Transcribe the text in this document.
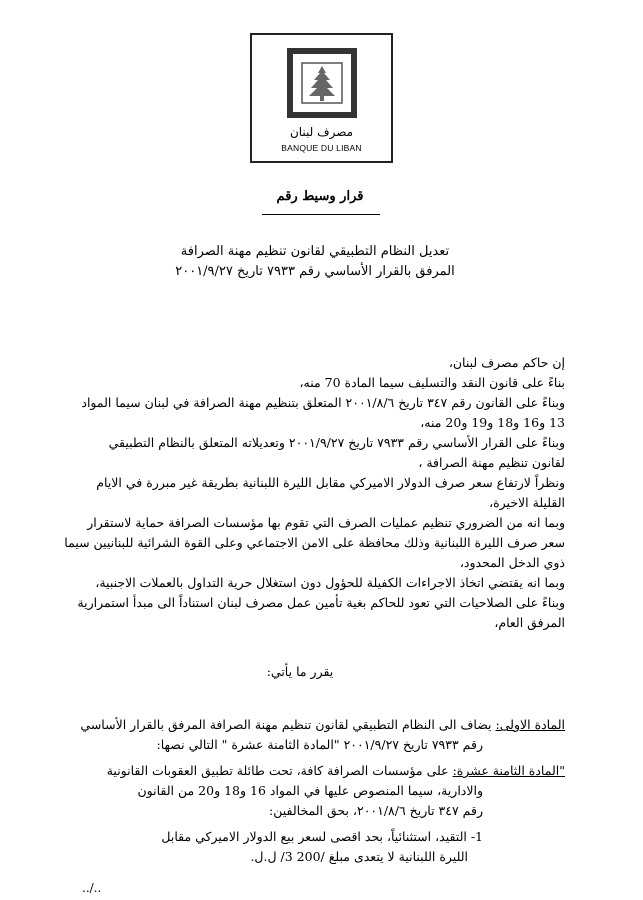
مصرف لبنان
BANQUE DU LIBAN
قرار وسيط رقم
تعديل النظام التطبيقي لقانون تنظيم مهنة الصرافة
المرفق بالقرار الأساسي رقم ٧٩٣٣ تاريخ ٢٠٠١/٩/٢٧
إن حاكم مصرف لبنان،
بناءً على قانون النقد والتسليف سيما المادة 70 منه،
وبناءً على القانون رقم ٣٤٧ تاريخ ٢٠٠١/٨/٦ المتعلق بتنظيم مهنة الصرافة في لبنان سيما المواد
13 و16 و18 و19 و20 منه،
وبناءً على القرار الأساسي رقم ٧٩٣٣ تاريخ ٢٠٠١/٩/٢٧ وتعديلاته المتعلق بالنظام التطبيقي
لقانون تنظيم مهنة الصرافة ،
ونظراً لارتفاع سعر صرف الدولار الاميركي مقابل الليرة اللبنانية بطريقة غير مبررة في الايام
القليلة الاخيرة،
وبما انه من الضروري تنظيم عمليات الصرف التي تقوم بها مؤسسات الصرافة حماية لاستقرار
سعر صرف الليرة اللبنانية وذلك محافظة على الامن الاجتماعي وعلى القوة الشرائية للبنانيين سيما
ذوي الدخل المحدود،
وبما انه يقتضي اتخاذ الاجراءات الكفيلة للحؤول دون استغلال حرية التداول بالعملات الاجنبية،
وبناءً على الصلاحيات التي تعود للحاكم بغية تأمين عمل مصرف لبنان استناداً الى مبدأ استمرارية
المرفق العام،
يقرر ما يأتي:
المادة الاولى: يضاف الى النظام التطبيقي لقانون تنظيم مهنة الصرافة المرفق بالقرار الأساسي
رقم ٧٩٣٣ تاريخ ٢٠٠١/٩/٢٧ "المادة الثامنة عشرة " التالي نصها:
"المادة الثامنة عشرة: على مؤسسات الصرافة كافة، تحت طائلة تطبيق العقوبات القانونية
والادارية، سيما المنصوص عليها في المواد 16 و18 و20 من القانون
رقم ٣٤٧ تاريخ ٢٠٠١/٨/٦، بحق المخالفين:
1- التقيد، استثنائياً، بحد اقصى لسعر بيع الدولار الاميركي مقابل
الليرة اللبنانية لا يتعدى مبلغ /200 3/ ل.ل.
../..
